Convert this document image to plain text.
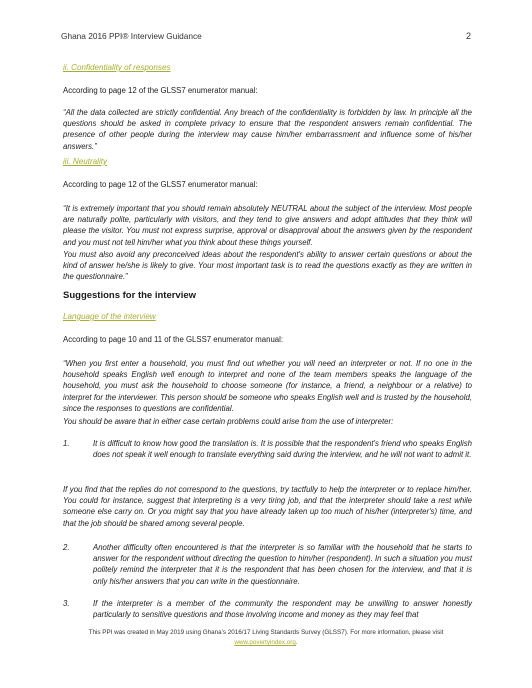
Ghana 2016 PPI® Interview Guidance	2

ii. Confidentiality of responses

According to page 12 of the GLSS7 enumerator manual:

“All the data collected are strictly confidential. Any breach of the confidentiality is forbidden by law. In principle all the questions should be asked in complete privacy to ensure that the respondent answers remain confidential. The presence of other people during the interview may cause him/her embarrassment and influence some of his/her answers.”

iii. Neutrality

According to page 12 of the GLSS7 enumerator manual:

“It is extremely important that you should remain absolutely NEUTRAL about the subject of the interview. Most people are naturally polite, particularly with visitors, and they tend to give answers and adopt attitudes that they think will please the visitor. You must not express surprise, approval or disapproval about the answers given by the respondent and you must not tell him/her what you think about these things yourself.

You must also avoid any preconceived ideas about the respondent's ability to answer certain questions or about the kind of answer he/she is likely to give. Your most important task is to read the questions exactly as they are written in the questionnaire.”

Suggestions for the interview

Language of the interview

According to page 10 and 11 of the GLSS7 enumerator manual:

“When you first enter a household, you must find out whether you will need an interpreter or not. If no one in the household speaks English well enough to interpret and none of the team members speaks the language of the household, you must ask the household to choose someone (for instance, a friend, a neighbour or a relative) to interpret for the interviewer. This person should be someone who speaks English well and is trusted by the household, since the responses to questions are confidential.

You should be aware that in either case certain problems could arise from the use of interpreter:

1.	It is difficult to know how good the translation is. It is possible that the respondent's friend who speaks English does not speak it well enough to translate everything said during the interview, and he will not want to admit it.

If you find that the replies do not correspond to the questions, try tactfully to help the interpreter or to replace him/her. You could for instance, suggest that interpreting is a very tiring job, and that the interpreter should take a rest while someone else carry on. Or you might say that you have already taken up too much of his/her (interpreter's) time, and that the job should be shared among several people.

2.	Another difficulty often encountered is that the interpreter is so familiar with the household that he starts to answer for the respondent without directing the question to him/her (respondent). In such a situation you must politely remind the interpreter that it is the respondent that has been chosen for the interview, and that it is only his/her answers that you can write in the questionnaire.
3.	If the interpreter is a member of the community the respondent may be unwilling to answer honestly particularly to sensitive questions and those involving income and money as they may feel that
This PPI was created in May 2019 using Ghana’s 2016/17 Living Standards Survey (GLSS7). For more information, please visit
www.povertyindex.org.
